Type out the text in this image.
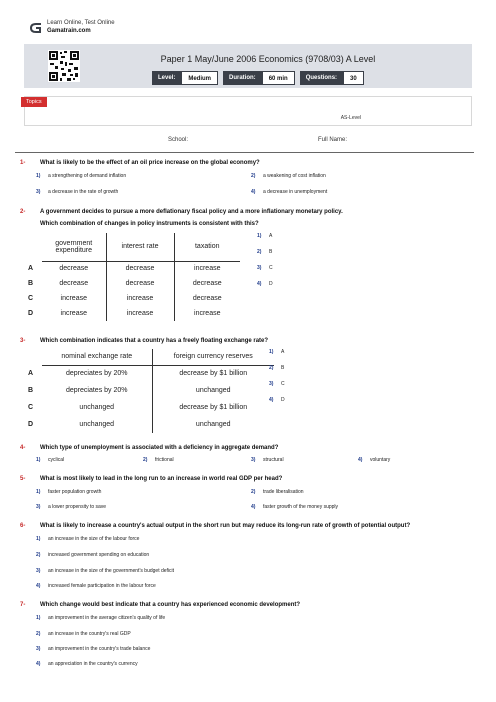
Learn Online, Test Online
Gamatrain.com
Paper 1 May/June 2006 Economics (9708/03) A Level
Level:	Medium	Duration:	60 min	Questions:	30
Topics
AS-Level
School:	Full Name:
1- What is likely to be the effect of an oil price increase on the global economy?
1) a strengthening of demand inflation	2) a weakening of cost inflation
3) a decrease in the rate of growth	4) a decrease in unemployment
2- A government decides to pursue a more deflationary fiscal policy and a more inflationary monetary policy.
Which combination of changes in policy instruments is consistent with this?
	government expenditure	interest rate	taxation
A	decrease	decrease	increase
B	decrease	decrease	decrease
C	increase	increase	decrease
D	increase	increase	increase
1) A
2) B
3) C
4) D
3- Which combination indicates that a country has a freely floating exchange rate?
	nominal exchange rate	foreign currency reserves
A	depreciates by 20%	decrease by $1 billion
B	depreciates by 20%	unchanged
C	unchanged	decrease by $1 billion
D	unchanged	unchanged
1) A
2) B
3) C
4) D
4- Which type of unemployment is associated with a deficiency in aggregate demand?
1) cyclical	2) frictional	3) structural	4) voluntary
5- What is most likely to lead in the long run to an increase in world real GDP per head?
1) faster population growth	2) trade liberalisation
3) a lower propensity to save	4) faster growth of the money supply
6- What is likely to increase a country's actual output in the short run but may reduce its long-run rate of growth of potential output?
1) an increase in the size of the labour force
2) increased government spending on education
3) an increase in the size of the government's budget deficit
4) increased female participation in the labour force
7- Which change would best indicate that a country has experienced economic development?
1) an improvement in the average citizen's quality of life
2) an increase in the country's real GDP
3) an improvement in the country's trade balance
4) an appreciation in the country's currency
